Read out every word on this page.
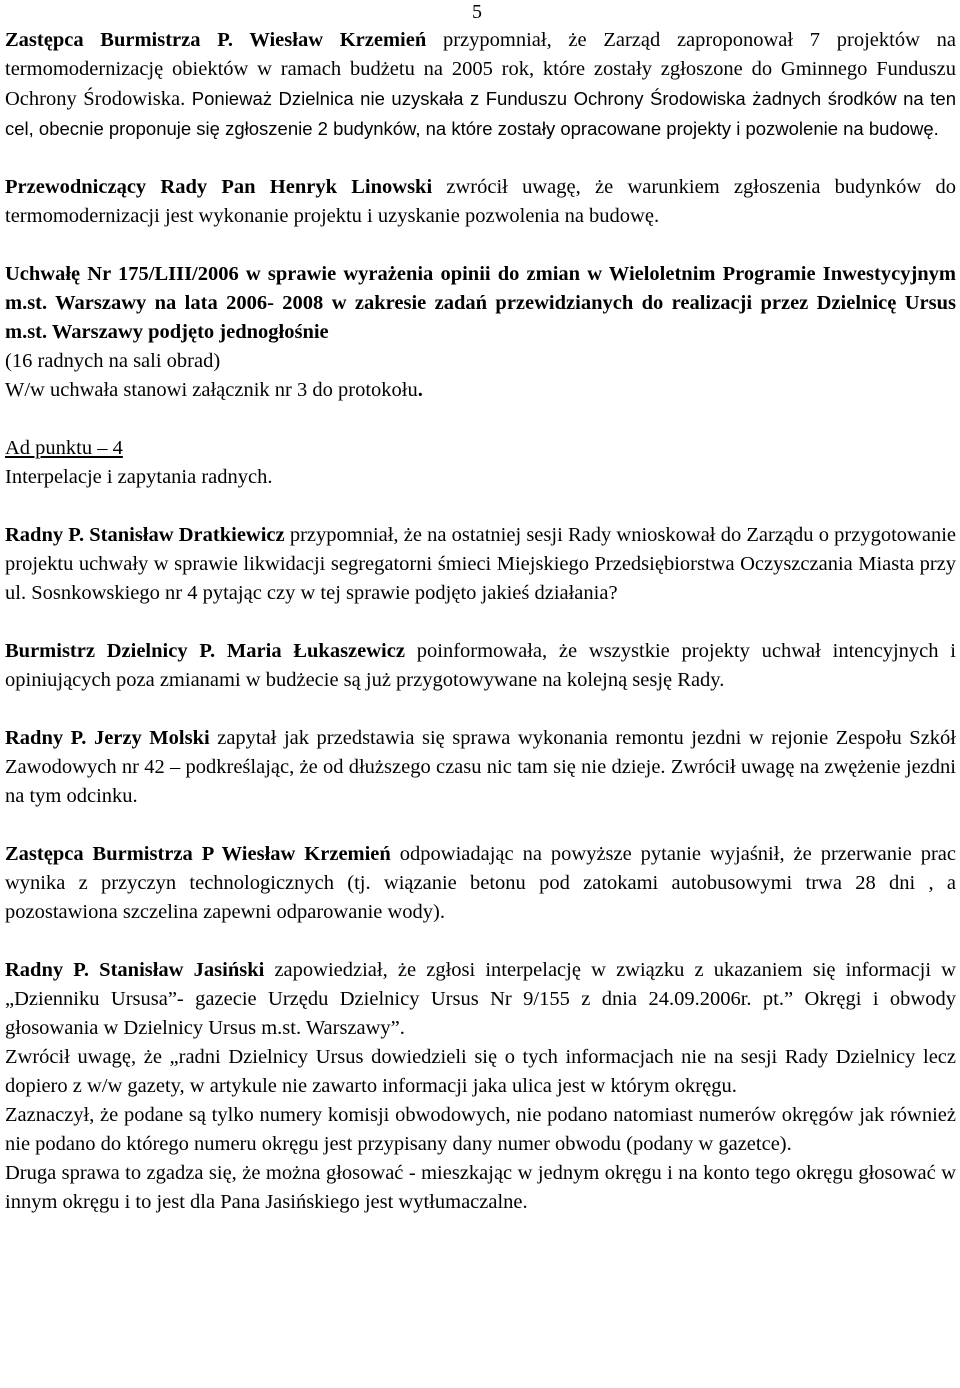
5

Zastępca Burmistrza P. Wiesław Krzemień przypomniał, że Zarząd zaproponował 7 projektów na termomodernizację obiektów w ramach budżetu na 2005 rok, które zostały zgłoszone do Gminnego Funduszu Ochrony Środowiska. Ponieważ Dzielnica nie uzyskała z Funduszu Ochrony Środowiska żadnych środków na ten cel, obecnie proponuje się zgłoszenie 2 budynków, na które zostały opracowane projekty i pozwolenie na budowę.

Przewodniczący Rady Pan Henryk Linowski zwrócił uwagę, że warunkiem zgłoszenia budynków do termomodernizacji jest wykonanie projektu i uzyskanie pozwolenia na budowę.

Uchwałę Nr 175/LIII/2006 w sprawie wyrażenia opinii do zmian w Wieloletnim Programie Inwestycyjnym m.st. Warszawy na lata 2006- 2008 w zakresie zadań przewidzianych do realizacji przez Dzielnicę Ursus m.st. Warszawy podjęto jednogłośnie
(16 radnych na sali obrad)
W/w uchwała stanowi załącznik nr 3 do protokołu.

Ad punktu – 4
Interpelacje i zapytania radnych.

Radny P. Stanisław Dratkiewicz przypomniał, że na ostatniej sesji Rady wnioskował do Zarządu o przygotowanie projektu uchwały w sprawie likwidacji segregatorni śmieci Miejskiego Przedsiębiorstwa Oczyszczania Miasta przy ul. Sosnkowskiego nr 4 pytając czy w tej sprawie podjęto jakieś działania?

Burmistrz Dzielnicy P. Maria Łukaszewicz poinformowała, że wszystkie projekty uchwał intencyjnych i opiniujących poza zmianami w budżecie są już przygotowywane na kolejną sesję Rady.

Radny P. Jerzy Molski zapytał jak przedstawia się sprawa wykonania remontu jezdni w rejonie Zespołu Szkół Zawodowych nr 42 – podkreślając, że od dłuższego czasu nic tam się nie dzieje. Zwrócił uwagę na zwężenie jezdni na tym odcinku.

Zastępca Burmistrza P Wiesław Krzemień odpowiadając na powyższe pytanie wyjaśnił, że przerwanie prac wynika z przyczyn technologicznych (tj. wiązanie betonu pod zatokami autobusowymi trwa 28 dni , a pozostawiona szczelina zapewni odparowanie wody).

Radny P. Stanisław Jasiński zapowiedział, że zgłosi interpelację w związku z ukazaniem się informacji w „Dzienniku Ursusa”- gazecie Urzędu Dzielnicy Ursus Nr 9/155 z dnia 24.09.2006r. pt.” Okręgi i obwody głosowania w Dzielnicy Ursus m.st. Warszawy”.

Zwrócił uwagę, że „radni Dzielnicy Ursus dowiedzieli się o tych informacjach nie na sesji Rady Dzielnicy lecz dopiero z w/w gazety, w artykule nie zawarto informacji jaka ulica jest w którym okręgu.

Zaznaczył, że podane są tylko numery komisji obwodowych, nie podano natomiast numerów okręgów jak również nie podano do którego numeru okręgu jest przypisany dany numer obwodu (podany w gazetce).

Druga sprawa to zgadza się, że można głosować - mieszkając w jednym okręgu i na konto tego okręgu głosować w innym okręgu i to jest dla Pana Jasińskiego jest wytłumaczalne.
